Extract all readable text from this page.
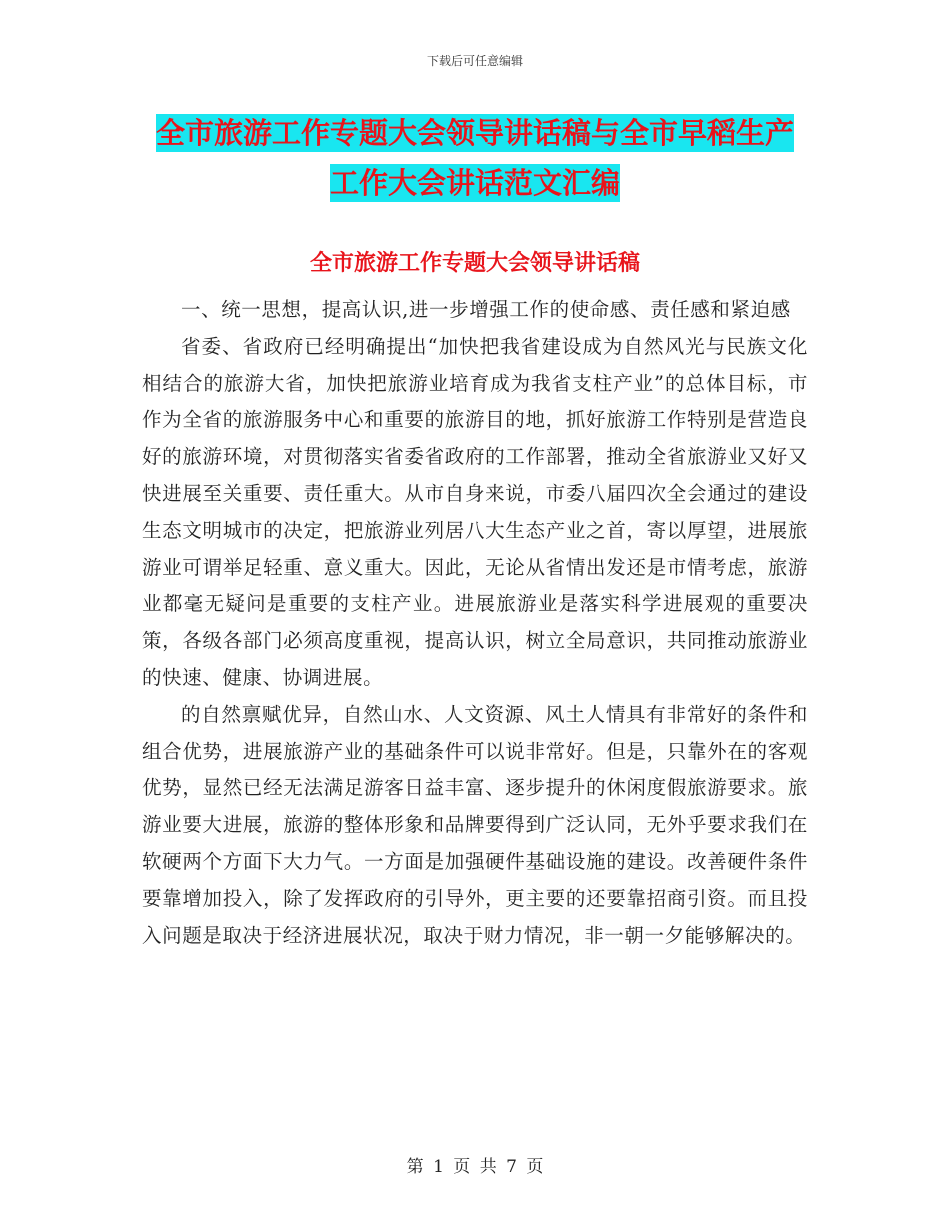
下载后可任意编辑
全市旅游工作专题大会领导讲话稿与全市早稻生产工作大会讲话范文汇编
全市旅游工作专题大会领导讲话稿

一、统一思想，提高认识,进一步增强工作的使命感、责任感和紧迫感

省委、省政府已经明确提出“加快把我省建设成为自然风光与民族文化相结合的旅游大省，加快把旅游业培育成为我省支柱产业”的总体目标，市作为全省的旅游服务中心和重要的旅游目的地，抓好旅游工作特别是营造良好的旅游环境，对贯彻落实省委省政府的工作部署，推动全省旅游业又好又快进展至关重要、责任重大。从市自身来说，市委八届四次全会通过的建设生态文明城市的决定，把旅游业列居八大生态产业之首，寄以厚望，进展旅游业可谓举足轻重、意义重大。因此，无论从省情出发还是市情考虑，旅游业都毫无疑问是重要的支柱产业。进展旅游业是落实科学进展观的重要决策，各级各部门必须高度重视，提高认识，树立全局意识，共同推动旅游业的快速、健康、协调进展。

的自然禀赋优异，自然山水、人文资源、风土人情具有非常好的条件和组合优势，进展旅游产业的基础条件可以说非常好。但是，只靠外在的客观优势，显然已经无法满足游客日益丰富、逐步提升的休闲度假旅游要求。旅游业要大进展，旅游的整体形象和品牌要得到广泛认同，无外乎要求我们在软硬两个方面下大力气。一方面是加强硬件基础设施的建设。改善硬件条件要靠增加投入，除了发挥政府的引导外，更主要的还要靠招商引资。而且投入问题是取决于经济进展状况，取决于财力情况，非一朝一夕能够解决的。

第 1 页 共 7 页
